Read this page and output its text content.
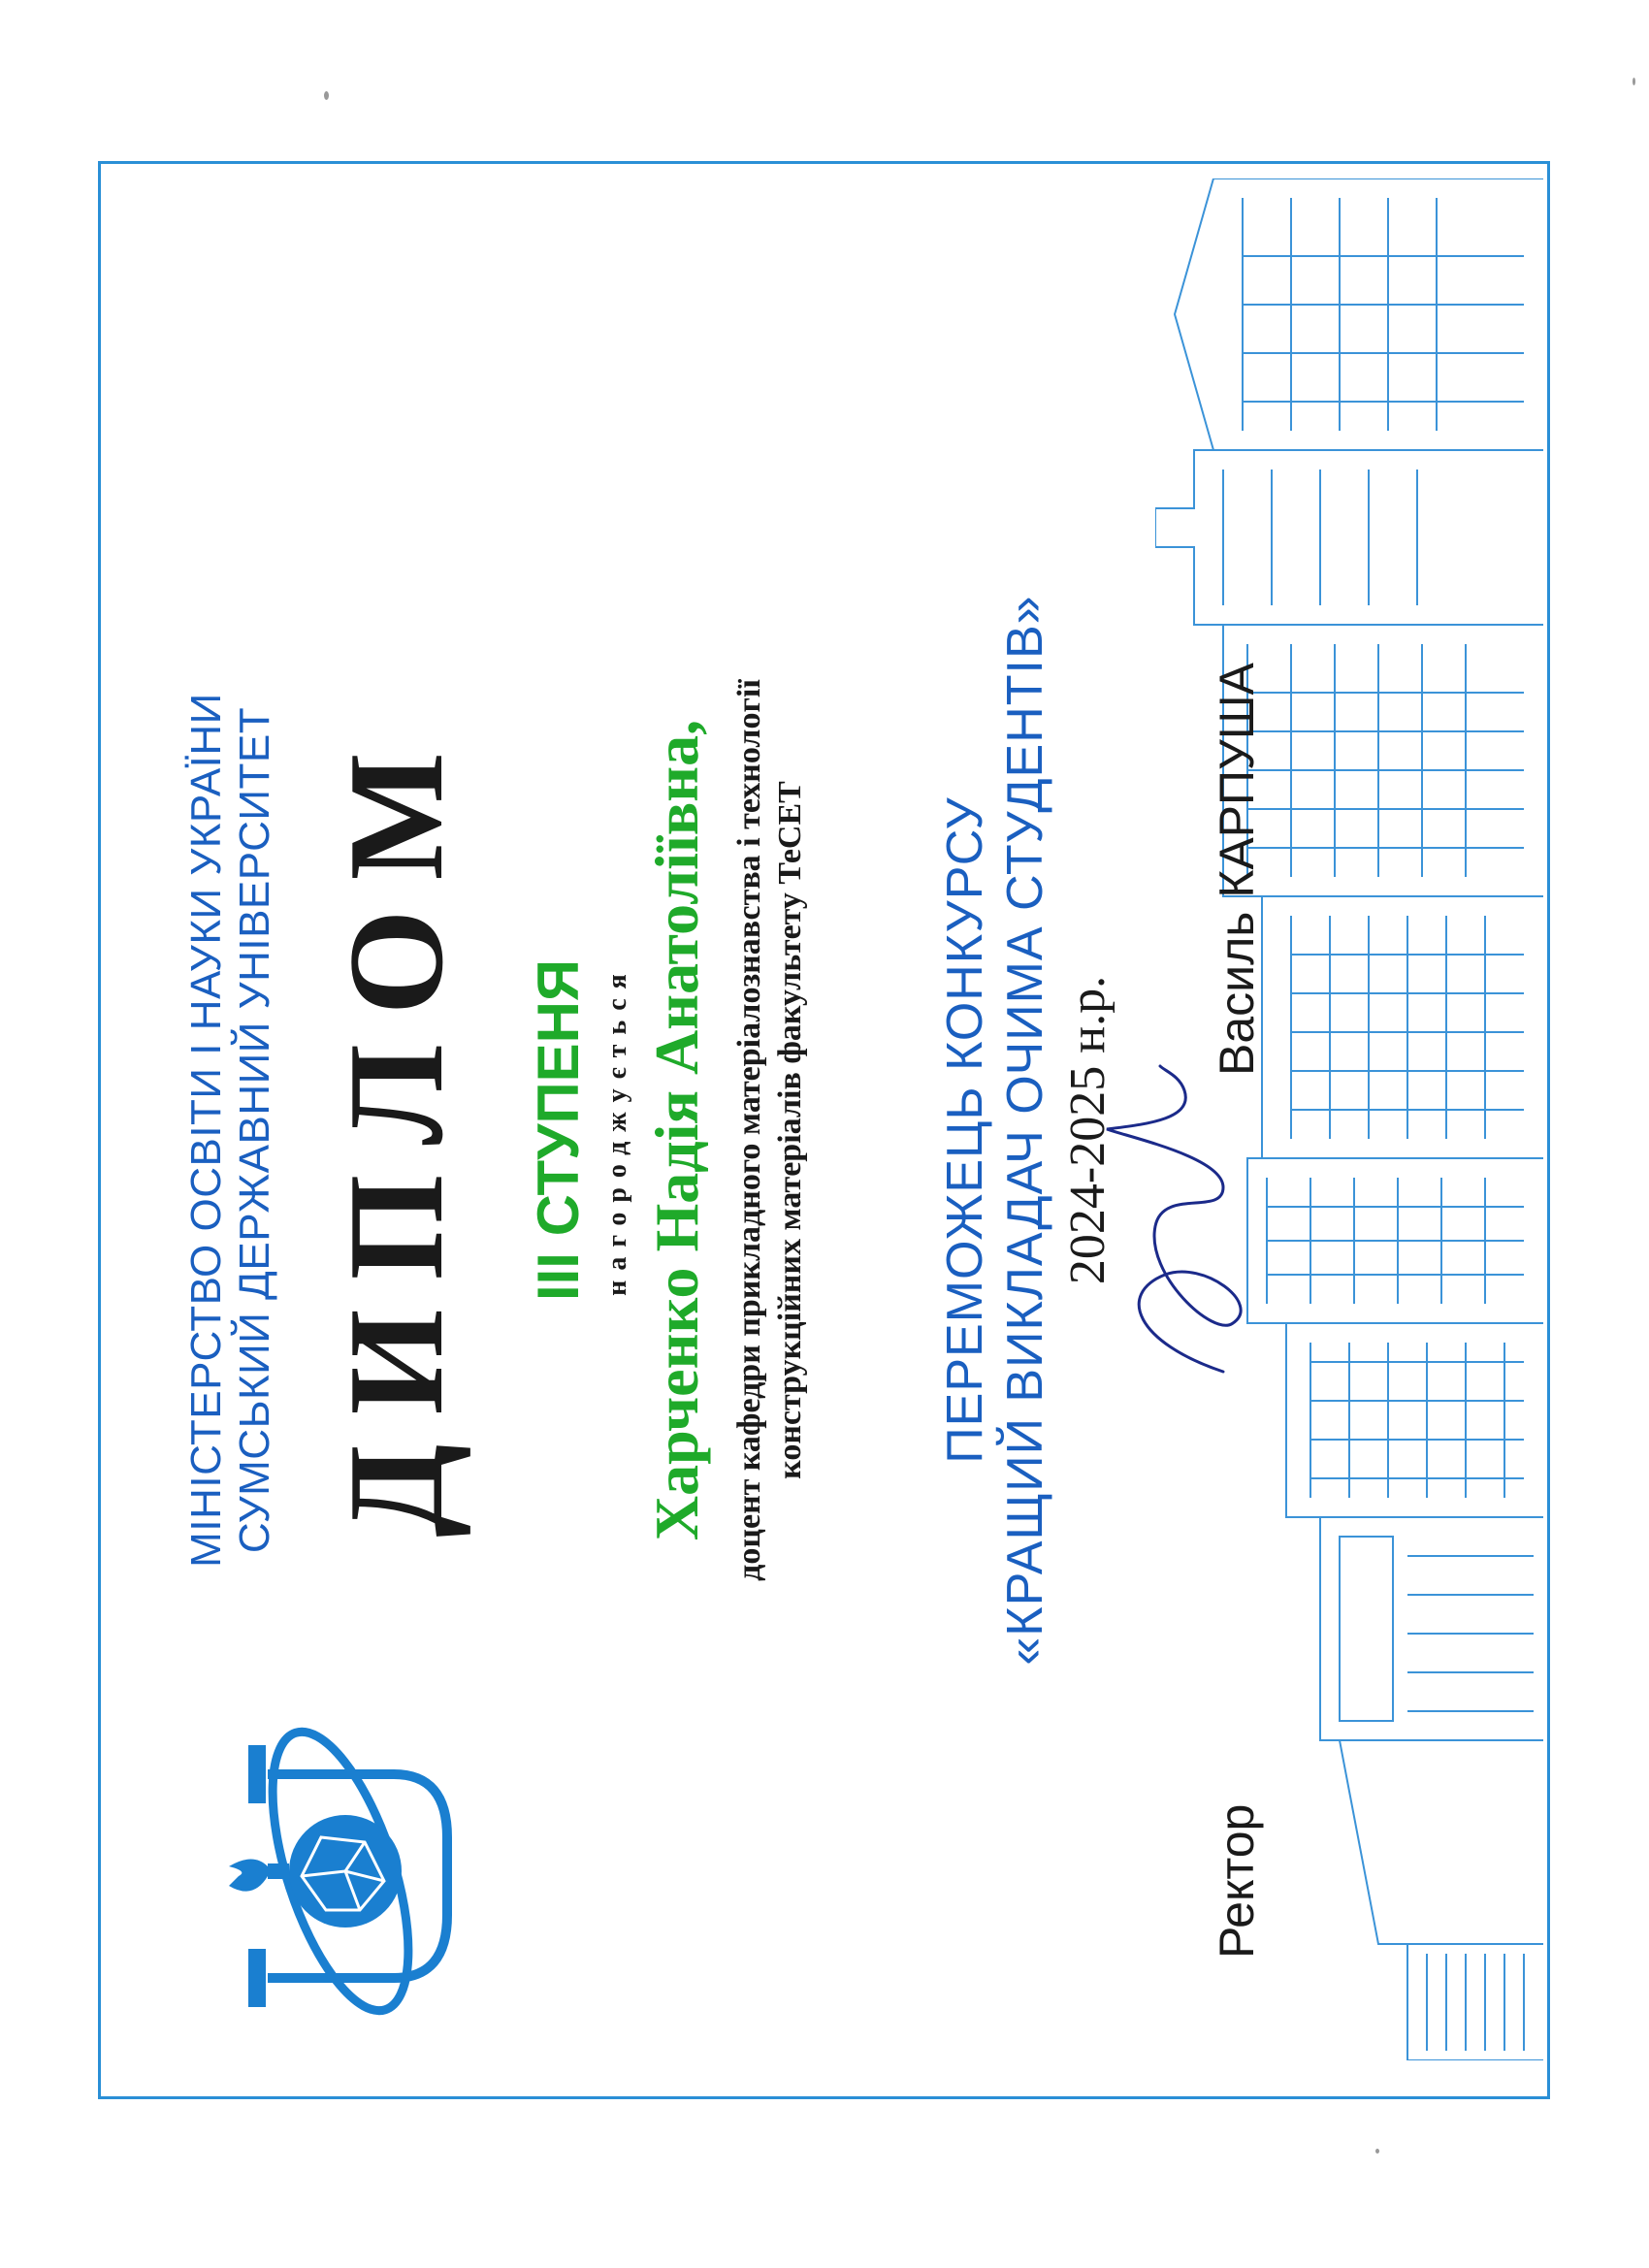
МІНІСТЕРСТВО ОСВІТИ І НАУКИ УКРАЇНИ СУМСЬКИЙ ДЕРЖАВНИЙ УНІВЕРСИТЕТ ДИПЛОМ ІІІ СТУПЕНЯ нагороджується Харченко Надія Анатоліївна, доцент кафедри прикладного матеріалознавства і технології конструкційних матеріалів факультету ТеСЕТ	ПЕРЕМОЖЕЦЬ КОНКУРСУ «КРАЩИЙ ВИКЛАДАЧ ОЧИМА СТУДЕНТІВ» 2024-2025 н.р.
Ректор
Василь КАРПУША
